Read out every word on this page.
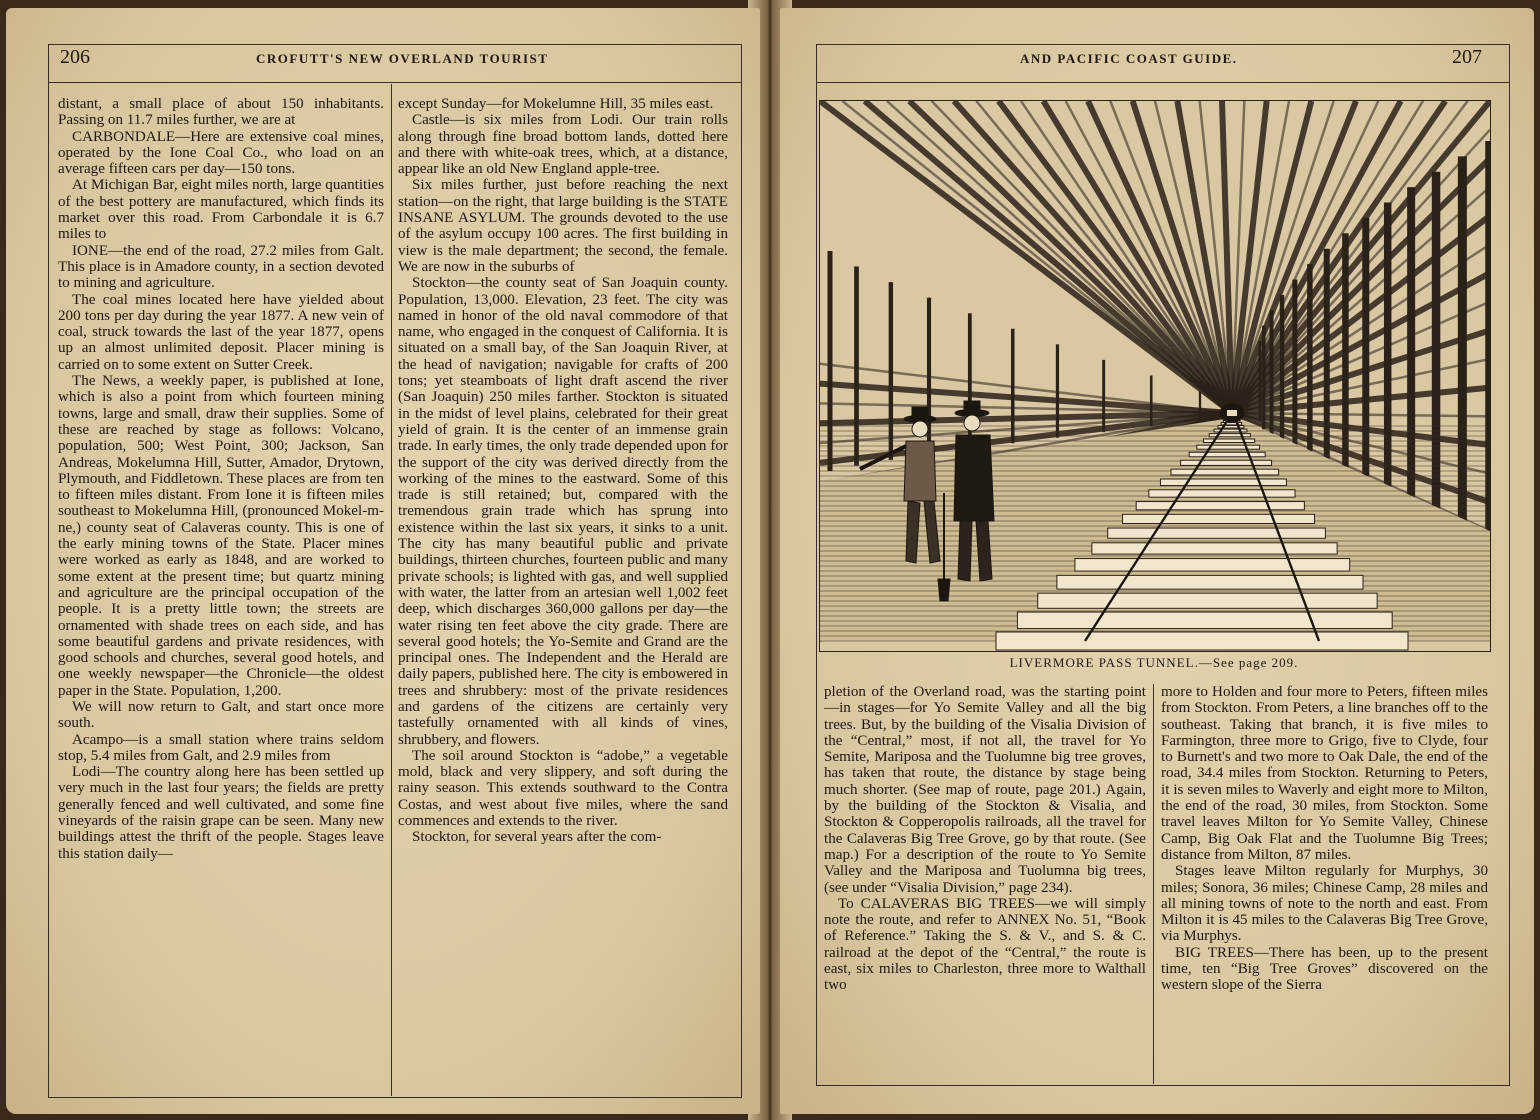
206	CROFUTT'S NEW OVERLAND TOURIST

distant, a small place of about 150 inhabitants. Passing on 11.7 miles further, we are at

CARBONDALE—Here are extensive coal mines, operated by the Ione Coal Co., who load on an average fifteen cars per day—150 tons.

At Michigan Bar, eight miles north, large quantities of the best pottery are manufactured, which finds its market over this road. From Carbondale it is 6.7 miles to

IONE—the end of the road, 27.2 miles from Galt. This place is in Amadore county, in a section devoted to mining and agriculture.

The coal mines located here have yielded about 200 tons per day during the year 1877. A new vein of coal, struck towards the last of the year 1877, opens up an almost unlimited deposit. Placer mining is carried on to some extent on Sutter Creek.

The News, a weekly paper, is published at Ione, which is also a point from which fourteen mining towns, large and small, draw their supplies. Some of these are reached by stage as follows: Volcano, population, 500; West Point, 300; Jackson, San Andreas, Mokelumna Hill, Sutter, Amador, Drytown, Plymouth, and Fiddletown. These places are from ten to fifteen miles distant. From Ione it is fifteen miles southeast to Mokelumna Hill, (pronounced Mokel-m-ne,) county seat of Calaveras county. This is one of the early mining towns of the State. Placer mines were worked as early as 1848, and are worked to some extent at the present time; but quartz mining and agriculture are the principal occupation of the people. It is a pretty little town; the streets are ornamented with shade trees on each side, and has some beautiful gardens and private residences, with good schools and churches, several good hotels, and one weekly newspaper—the Chronicle—the oldest paper in the State. Population, 1,200.

We will now return to Galt, and start once more south.

Acampo—is a small station where trains seldom stop, 5.4 miles from Galt, and 2.9 miles from

Lodi—The country along here has been settled up very much in the last four years; the fields are pretty generally fenced and well cultivated, and some fine vineyards of the raisin grape can be seen. Many new buildings attest the thrift of the people. Stages leave this station daily—

except Sunday—for Mokelumne Hill, 35 miles east.

Castle—is six miles from Lodi. Our train rolls along through fine broad bottom lands, dotted here and there with white-oak trees, which, at a distance, appear like an old New England apple-tree.

Six miles further, just before reaching the next station—on the right, that large building is the STATE INSANE ASYLUM. The grounds devoted to the use of the asylum occupy 100 acres. The first building in view is the male department; the second, the female. We are now in the suburbs of

Stockton—the county seat of San Joaquin county. Population, 13,000. Elevation, 23 feet. The city was named in honor of the old naval commodore of that name, who engaged in the conquest of California. It is situated on a small bay, of the San Joaquin River, at the head of navigation; navigable for crafts of 200 tons; yet steamboats of light draft ascend the river (San Joaquin) 250 miles farther. Stockton is situated in the midst of level plains, celebrated for their great yield of grain. It is the center of an immense grain trade. In early times, the only trade depended upon for the support of the city was derived directly from the working of the mines to the eastward. Some of this trade is still retained; but, compared with the tremendous grain trade which has sprung into existence within the last six years, it sinks to a unit. The city has many beautiful public and private buildings, thirteen churches, fourteen public and many private schools; is lighted with gas, and well supplied with water, the latter from an artesian well 1,002 feet deep, which discharges 360,000 gallons per day—the water rising ten feet above the city grade. There are several good hotels; the Yo-Semite and Grand are the principal ones. The Independent and the Herald are daily papers, published here. The city is embowered in trees and shrubbery: most of the private residences and gardens of the citizens are certainly very tastefully ornamented with all kinds of vines, shrubbery, and flowers.

The soil around Stockton is “adobe,” a vegetable mold, black and very slippery, and soft during the rainy season. This extends southward to the Contra Costas, and west about five miles, where the sand commences and extends to the river.

Stockton, for several years after the com-

AND PACIFIC COAST GUIDE.	207

pletion of the Overland road, was the starting point—in stages—for Yo Semite Valley and all the big trees. But, by the building of the Visalia Division of the “Central,” most, if not all, the travel for Yo Semite, Mariposa and the Tuolumne big tree groves, has taken that route, the distance by stage being much shorter. (See map of route, page 201.) Again, by the building of the Stockton & Visalia, and Stockton & Copperopolis railroads, all the travel for the Calaveras Big Tree Grove, go by that route. (See map.) For a description of the route to Yo Semite Valley and the Mariposa and Tuolumna big trees, (see under “Visalia Division,” page 234).

To CALAVERAS BIG TREES—we will simply note the route, and refer to ANNEX No. 51, “Book of Reference.” Taking the S. & V., and S. & C. railroad at the depot of the “Central,” the route is east, six miles to Charleston, three more to Walthall two

more to Holden and four more to Peters, fifteen miles from Stockton. From Peters, a line branches off to the southeast. Taking that branch, it is five miles to Farmington, three more to Grigo, five to Clyde, four to Burnett's and two more to Oak Dale, the end of the road, 34.4 miles from Stockton. Returning to Peters, it is seven miles to Waverly and eight more to Milton, the end of the road, 30 miles, from Stockton. Some travel leaves Milton for Yo Semite Valley, Chinese Camp, Big Oak Flat and the Tuolumne Big Trees; distance from Milton, 87 miles.

Stages leave Milton regularly for Murphys, 30 miles; Sonora, 36 miles; Chinese Camp, 28 miles and all mining towns of note to the north and east. From Milton it is 45 miles to the Calaveras Big Tree Grove, via Murphys.

BIG TREES—There has been, up to the present time, ten “Big Tree Groves” discovered on the western slope of the Sierra

LIVERMORE PASS TUNNEL.—See page 209.
